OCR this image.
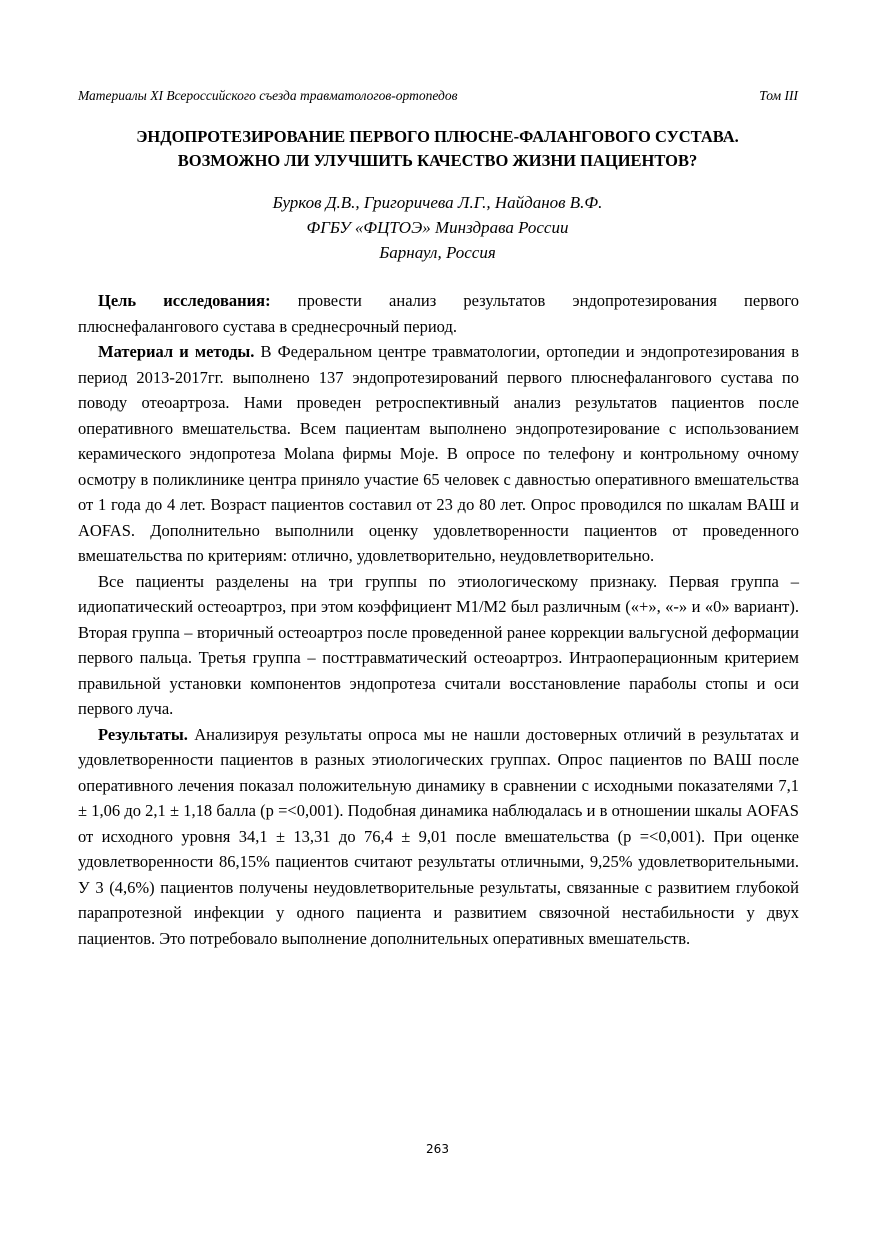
Материалы XI Всероссийского съезда травматологов-ортопедов	Том III
ЭНДОПРОТЕЗИРОВАНИЕ ПЕРВОГО ПЛЮСНЕ-ФАЛАНГОВОГО СУСТАВА.
ВОЗМОЖНО ЛИ УЛУЧШИТЬ КАЧЕСТВО ЖИЗНИ ПАЦИЕНТОВ?
Бурков Д.В., Григоричева Л.Г., Найданов В.Ф.
ФГБУ «ФЦТОЭ» Минздрава России
Барнаул, Россия

Цель исследования: провести анализ результатов эндопротезирования первого плюснефалангового сустава в среднесрочный период.

Материал и методы. В Федеральном центре травматологии, ортопедии и эндопротезирования в период 2013-2017гг. выполнено 137 эндопротезирований первого плюснефалангового сустава по поводу отеоартроза. Нами проведен ретроспективный анализ результатов пациентов после оперативного вмешательства. Всем пациентам выполнено эндопротезирование с использованием керамического эндопротеза Molana фирмы Moje. В опросе по телефону и контрольному очному осмотру в поликлинике центра приняло участие 65 человек с давностью оперативного вмешательства от 1 года до 4 лет. Возраст пациентов составил от 23 до 80 лет. Опрос проводился по шкалам ВАШ и AOFAS. Дополнительно выполнили оценку удовлетворенности пациентов от проведенного вмешательства по критериям: отлично, удовлетворительно, неудовлетворительно.

Все пациенты разделены на три группы по этиологическому признаку. Первая группа – идиопатический остеоартроз, при этом коэффициент М1/М2 был различным («+», «-» и «0» вариант). Вторая группа – вторичный остеоартроз после проведенной ранее коррекции вальгусной деформации первого пальца. Третья группа – посттравматический остеоартроз. Интраоперационным критерием правильной установки компонентов эндопротеза считали восстановление параболы стопы и оси первого луча.

Результаты. Анализируя результаты опроса мы не нашли достоверных отличий в результатах и удовлетворенности пациентов в разных этиологических группах. Опрос пациентов по ВАШ после оперативного лечения показал положительную динамику в сравнении с исходными показателями 7,1 ± 1,06 до 2,1 ± 1,18 балла (p =<0,001). Подобная динамика наблюдалась и в отношении шкалы AOFAS от исходного уровня 34,1 ± 13,31 до 76,4 ± 9,01 после вмешательства (p =<0,001). При оценке удовлетворенности 86,15% пациентов считают результаты отличными, 9,25% удовлетворительными. У 3 (4,6%) пациентов получены неудовлетворительные результаты, связанные с развитием глубокой парапротезной инфекции у одного пациента и развитием связочной нестабильности у двух пациентов. Это потребовало выполнение дополнительных оперативных вмешательств.

263
